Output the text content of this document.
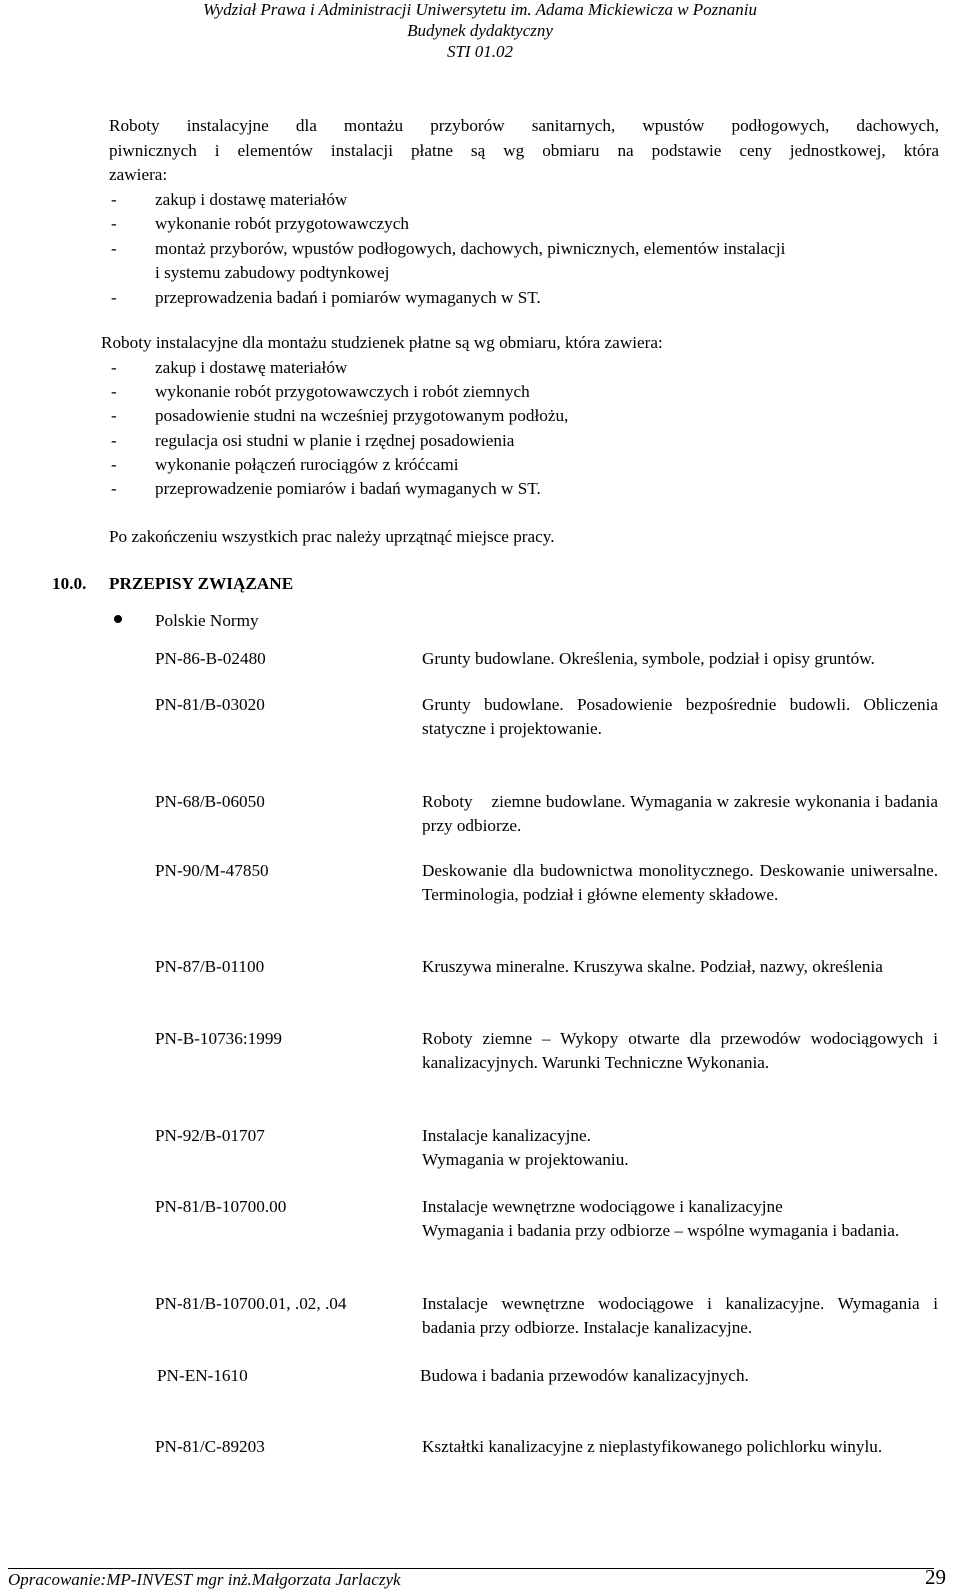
Wydział Prawa i Administracji Uniwersytetu im. Adama Mickiewicza w Poznaniu
Budynek dydaktyczny
STI 01.02
Roboty instalacyjne dla montażu przyborów sanitarnych, wpustów podłogowych, dachowych,
piwnicznych i elementów instalacji płatne są wg obmiaru na podstawie ceny jednostkowej, która
zawiera:
- zakup i dostawę materiałów
- wykonanie robót przygotowawczych
- montaż przyborów, wpustów podłogowych, dachowych, piwnicznych, elementów instalacji
i systemu zabudowy podtynkowej
- przeprowadzenia badań i pomiarów wymaganych w ST.
Roboty instalacyjne dla montażu studzienek płatne są wg obmiaru, która zawiera:
- zakup i dostawę materiałów
- wykonanie robót przygotowawczych i robót ziemnych
- posadowienie studni na wcześniej przygotowanym podłożu,
- regulacja osi studni w planie i rzędnej posadowienia
- wykonanie połączeń rurociągów z króćcami
- przeprowadzenie pomiarów i badań wymaganych w ST.
Po zakończeniu wszystkich prac należy uprzątnąć miejsce pracy.
10.0. PRZEPISY ZWIĄZANE
Polskie Normy
PN-86-B-02480	Grunty budowlane. Określenia, symbole, podział i opisy gruntów.
PN-81/B-03020	Grunty budowlane. Posadowienie bezpośrednie budowli. Obliczenia statyczne i projektowanie.
PN-68/B-06050	Roboty    ziemne budowlane. Wymagania w zakresie wykonania i badania przy odbiorze.
PN-90/M-47850	Deskowanie dla budownictwa monolitycznego. Deskowanie uniwersalne. Terminologia, podział i główne elementy składowe.
PN-87/B-01100	Kruszywa mineralne. Kruszywa skalne. Podział, nazwy, określenia
PN-B-10736:1999	Roboty ziemne – Wykopy otwarte dla przewodów wodociągowych i kanalizacyjnych. Warunki Techniczne Wykonania.
PN-92/B-01707	Instalacje kanalizacyjne.
Wymagania w projektowaniu.
PN-81/B-10700.00	Instalacje wewnętrzne wodociągowe i kanalizacyjne
Wymagania i badania przy odbiorze – wspólne wymagania i badania.
PN-81/B-10700.01, .02, .04	Instalacje wewnętrzne wodociągowe i kanalizacyjne. Wymagania i badania przy odbiorze. Instalacje kanalizacyjne.
PN-EN-1610	Budowa i badania przewodów kanalizacyjnych.
PN-81/C-89203	Kształtki kanalizacyjne z nieplastyfikowanego polichlorku winylu.
Opracowanie:MP-INVEST mgr inż.Małgorzata Jarlaczyk	29
